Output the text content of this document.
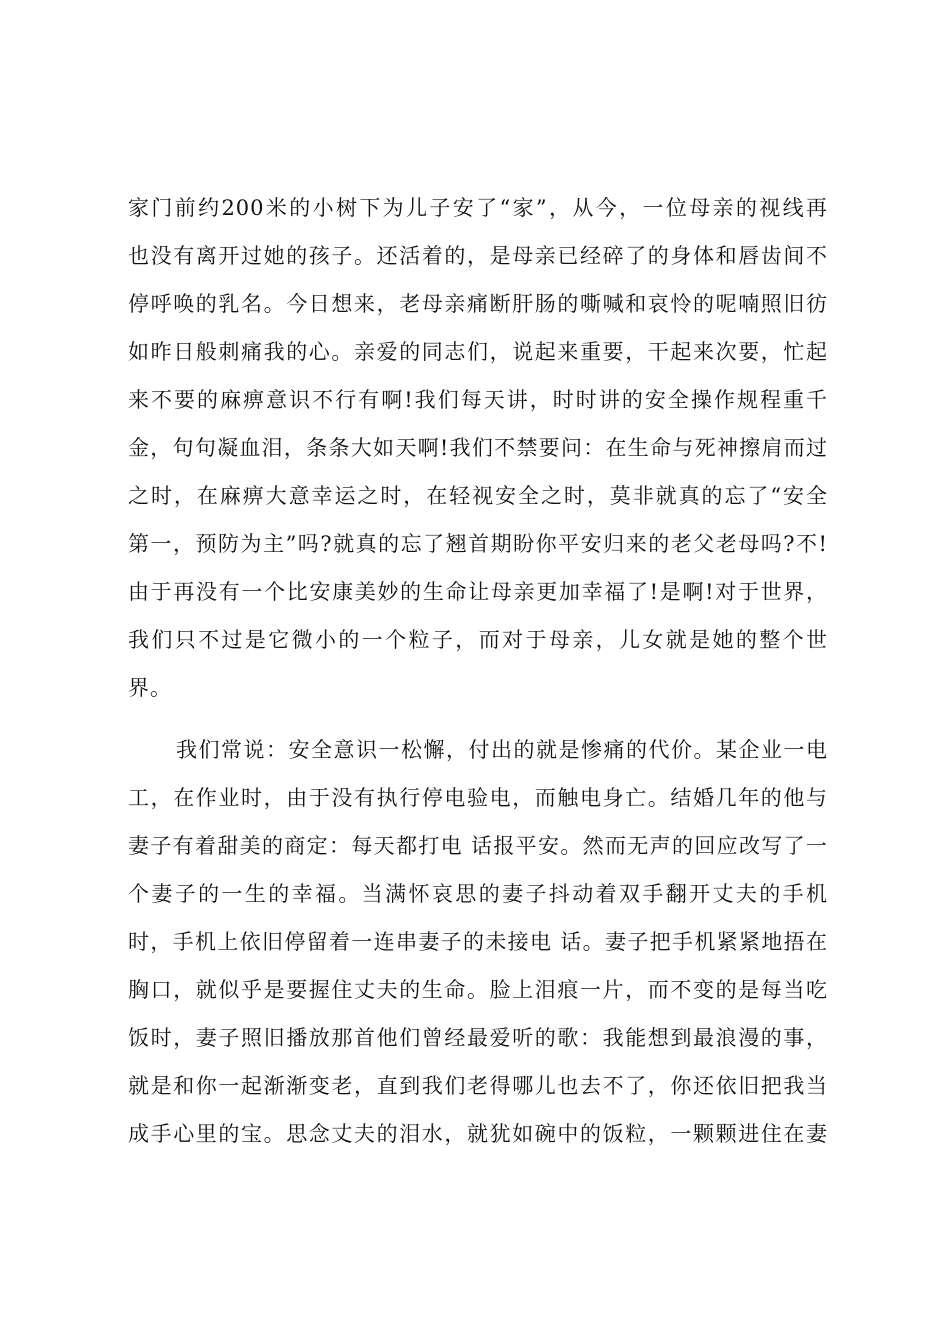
家门前约200米的小树下为儿子安了“家”，从今，一位母亲的视线再
也没有离开过她的孩子。还活着的，是母亲已经碎了的身体和唇齿间不
停呼唤的乳名。今日想来，老母亲痛断肝肠的嘶喊和哀怜的呢喃照旧彷
如昨日般刺痛我的心。亲爱的同志们，说起来重要，干起来次要，忙起
来不要的麻痹意识不行有啊!我们每天讲，时时讲的安全操作规程重千
金，句句凝血泪，条条大如天啊!我们不禁要问：在生命与死神擦肩而过
之时，在麻痹大意幸运之时，在轻视安全之时，莫非就真的忘了“安全
第一，预防为主”吗?就真的忘了翘首期盼你平安归来的老父老母吗?不!
由于再没有一个比安康美妙的生命让母亲更加幸福了!是啊!对于世界，
我们只不过是它微小的一个粒子，而对于母亲，儿女就是她的整个世
界。
我们常说：安全意识一松懈，付出的就是惨痛的代价。某企业一电
工，在作业时，由于没有执行停电验电，而触电身亡。结婚几年的他与
妻子有着甜美的商定：每天都打电 话报平安。然而无声的回应改写了一
个妻子的一生的幸福。当满怀哀思的妻子抖动着双手翻开丈夫的手机
时，手机上依旧停留着一连串妻子的未接电 话。妻子把手机紧紧地捂在
胸口，就似乎是要握住丈夫的生命。脸上泪痕一片，而不变的是每当吃
饭时，妻子照旧播放那首他们曾经最爱听的歌：我能想到最浪漫的事，
就是和你一起渐渐变老，直到我们老得哪儿也去不了，你还依旧把我当
成手心里的宝。思念丈夫的泪水，就犹如碗中的饭粒，一颗颗进住在妻
